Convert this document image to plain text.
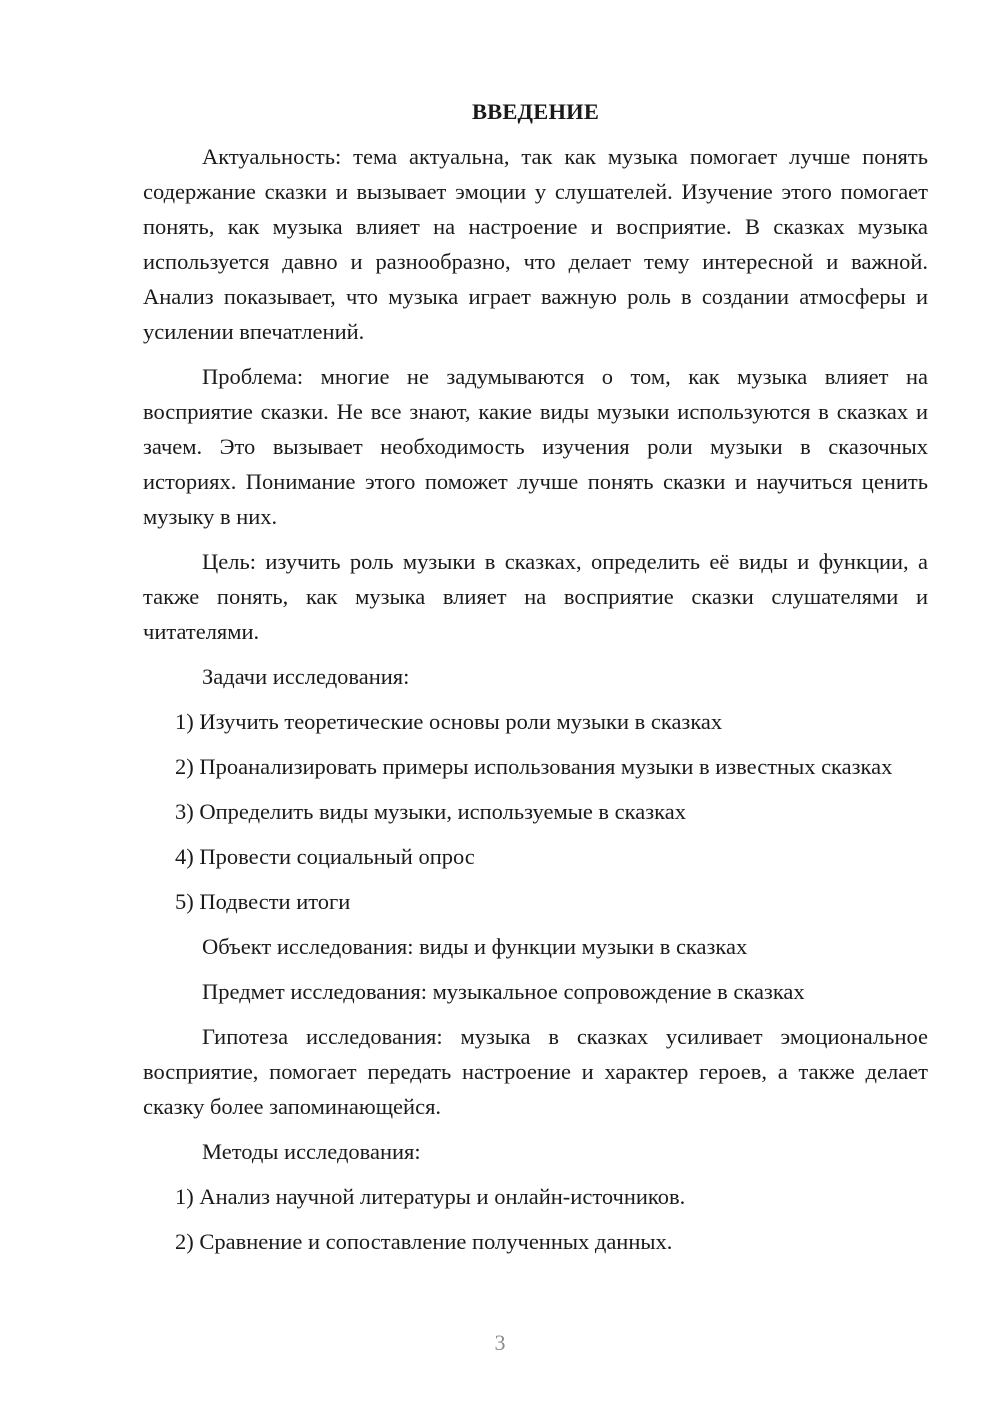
ВВЕДЕНИЕ

Актуальность: тема актуальна, так как музыка помогает лучше понять содержание сказки и вызывает эмоции у слушателей. Изучение этого помогает понять, как музыка влияет на настроение и восприятие. В сказках музыка используется давно и разнообразно, что делает тему интересной и важной. Анализ показывает, что музыка играет важную роль в создании атмосферы и усилении впечатлений.

Проблема: многие не задумываются о том, как музыка влияет на восприятие сказки. Не все знают, какие виды музыки используются в сказках и зачем. Это вызывает необходимость изучения роли музыки в сказочных историях. Понимание этого поможет лучше понять сказки и научиться ценить музыку в них.

Цель: изучить роль музыки в сказках, определить её виды и функции, а также понять, как музыка влияет на восприятие сказки слушателями и читателями.

Задачи исследования:

1) Изучить теоретические основы роли музыки в сказках

2) Проанализировать примеры использования музыки в известных сказках

3) Определить виды музыки, используемые в сказках

4) Провести социальный опрос

5) Подвести итоги

Объект исследования: виды и функции музыки в сказках

Предмет исследования: музыкальное сопровождение в сказках

Гипотеза исследования: музыка в сказках усиливает эмоциональное восприятие, помогает передать настроение и характер героев, а также делает сказку более запоминающейся.

Методы исследования:

1) Анализ научной литературы и онлайн-источников.

2) Сравнение и сопоставление полученных данных.

3
